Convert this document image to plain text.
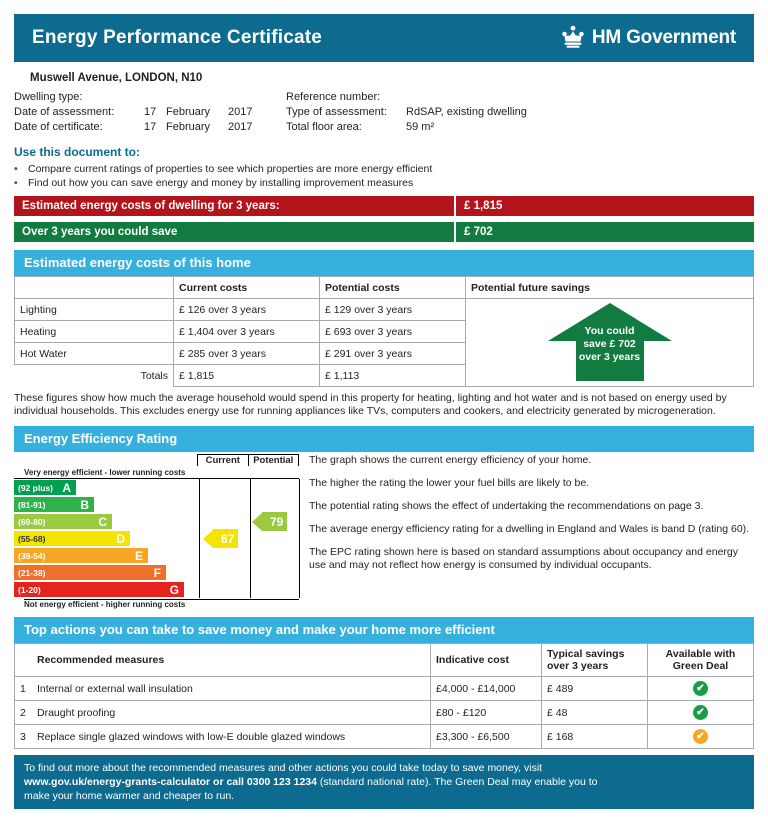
Energy Performance Certificate	HM Government
Muswell Avenue, LONDON, N10
Dwelling type:
Date of assessment:	17 February	2017
Date of certificate:	17 February	2017
Reference number:
Type of assessment:	RdSAP, existing dwelling
Total floor area:	59 m²
Use this document to:
• Compare current ratings of properties to see which properties are more energy efficient
• Find out how you can save energy and money by installing improvement measures
Estimated energy costs of dwelling for 3 years:	£ 1,815
Over 3 years you could save	£ 702
Estimated energy costs of this home
	Current costs	Potential costs	Potential future savings
Lighting	£ 126 over 3 years	£ 129 over 3 years	You could
save £ 702
over 3 years

Heating	£ 1,404 over 3 years	£ 693 over 3 years	
Hot Water	£ 285 over 3 years	£ 291 over 3 years	
Totals	£ 1,815	£ 1,113	
These figures show how much the average household would spend in this property for heating, lighting and hot water and is not based on energy used by individual households. This excludes energy use for running appliances like TVs, computers and cookers, and electricity generated by microgeneration.
Energy Efficiency Rating
Current	Potential
Very energy efficient - lower running costs
(92 plus) A
(81-91)	B
(69-80)	C	79
(55-68)	D	67
(39-54)	E
(21-38)	F
(1-20)	G
Not energy efficient - higher running costs

The graph shows the current energy efficiency of your home.

The higher the rating the lower your fuel bills are likely to be.

The potential rating shows the effect of undertaking the recommendations on page 3.

The average energy efficiency rating for a dwelling in England and Wales is band D (rating 60).

The EPC rating shown here is based on standard assumptions about occupancy and energy use and may not reflect how energy is consumed by individual occupants.

Top actions you can take to save money and make your home more efficient
	Recommended measures	Indicative cost	Typical savings
over 3 years	Available with
Green Deal
1	Internal or external wall insulation	£4,000 - £14,000	£ 489	✔
2	Draught proofing	£80 - £120	£ 48	✔
3	Replace single glazed windows with low-E double glazed windows	£3,300 - £6,500	£ 168	✔
To find out more about the recommended measures and other actions you could take today to save money, visit
www.gov.uk/energy-grants-calculator or call 0300 123 1234 (standard national rate). The Green Deal may enable you to
make your home warmer and cheaper to run.
